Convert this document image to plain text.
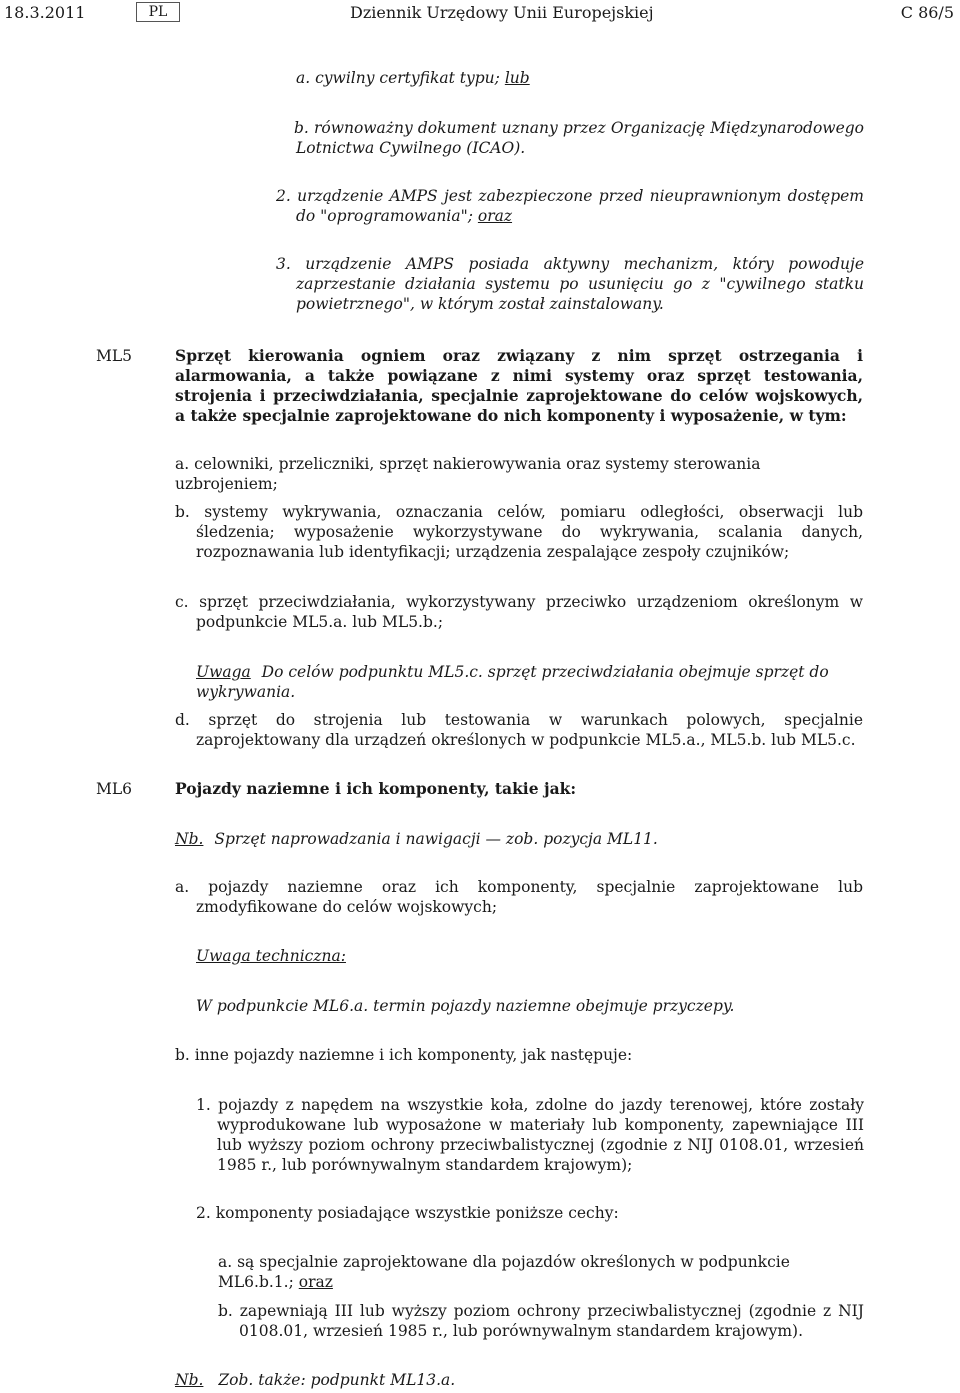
18.3.2011	PL	Dziennik Urzędowy Unii Europejskiej	C 86/5
a. cywilny certyfikat typu; lub

b. równoważny dokument uznany przez Organizację Międzynarodowego Lotnictwa Cywilnego (ICAO).

2. urządzenie AMPS jest zabezpieczone przed nieuprawnionym dostępem do "oprogramowania"; oraz

3. urządzenie AMPS posiada aktywny mechanizm, który powoduje zaprzestanie działania systemu po usunięciu go z "cywilnego statku powietrznego", w którym został zainstalowany.

ML5	Sprzęt kierowania ogniem oraz związany z nim sprzęt ostrzegania i alarmowania, a także powiązane z nimi systemy oraz sprzęt testowania, strojenia i przeciwdziałania, specjalnie zaprojektowane do celów wojskowych, a także specjalnie zaprojektowane do nich komponenty i wyposażenie, w tym:

a. celowniki, przeliczniki, sprzęt nakierowywania oraz systemy sterowania uzbrojeniem;

b. systemy wykrywania, oznaczania celów, pomiaru odległości, obserwacji lub śledzenia; wyposażenie wykorzystywane do wykrywania, scalania danych, rozpoznawania lub identyfikacji; urządzenia zespalające zespoły czujników;

c. sprzęt przeciwdziałania, wykorzystywany przeciwko urządzeniom określonym w podpunkcie ML5.a. lub ML5.b.;

Uwaga Do celów podpunktu ML5.c. sprzęt przeciwdziałania obejmuje sprzęt do wykrywania.

d. sprzęt do strojenia lub testowania w warunkach polowych, specjalnie zaprojektowany dla urządzeń określonych w podpunkcie ML5.a., ML5.b. lub ML5.c.

ML6	Pojazdy naziemne i ich komponenty, takie jak:

Nb. Sprzęt naprowadzania i nawigacji — zob. pozycja ML11.

a. pojazdy naziemne oraz ich komponenty, specjalnie zaprojektowane lub zmodyfikowane do celów wojskowych;

Uwaga techniczna:

W podpunkcie ML6.a. termin pojazdy naziemne obejmuje przyczepy.

b. inne pojazdy naziemne i ich komponenty, jak następuje:

1. pojazdy z napędem na wszystkie koła, zdolne do jazdy terenowej, które zostały wyprodukowane lub wyposażone w materiały lub komponenty, zapewniające III lub wyższy poziom ochrony przeciwbalistycznej (zgodnie z NIJ 0108.01, wrzesień 1985 r., lub porównywalnym standardem krajowym);

2. komponenty posiadające wszystkie poniższe cechy:

a. są specjalnie zaprojektowane dla pojazdów określonych w podpunkcie ML6.b.1.; oraz

b. zapewniają III lub wyższy poziom ochrony przeciwbalistycznej (zgodnie z NIJ 0108.01, wrzesień 1985 r., lub porównywalnym standardem krajowym).

Nb. Zob. także: podpunkt ML13.a.
